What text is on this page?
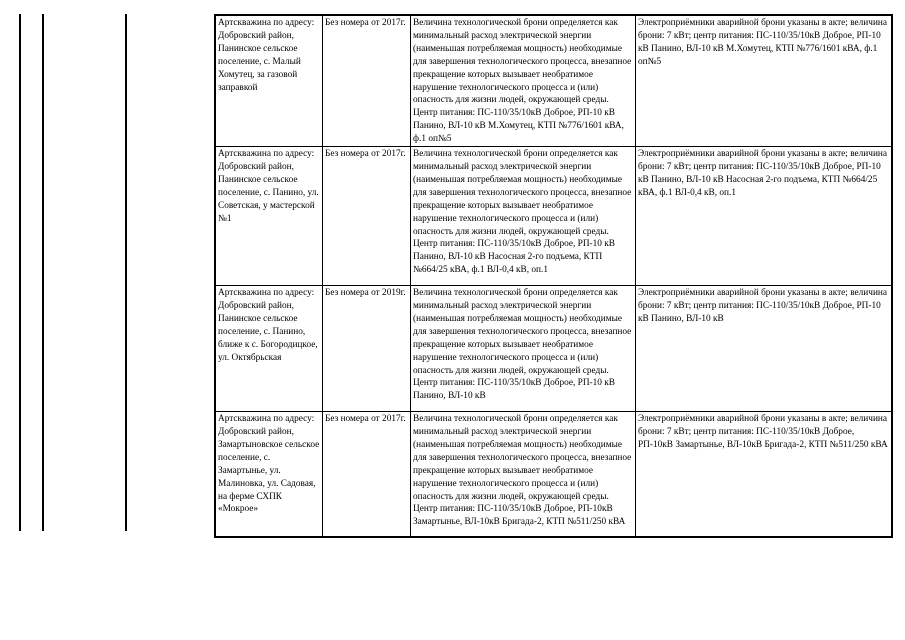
Артскважина по адресу: Добровский район, Панинское сельское поселение, с. Малый Хомутец, за газовой заправкой	Без номера от 2017г.	Величина технологической брони определяется как минимальный расход электрической энергии (наименьшая потребляемая мощность) необходимые для завершения технологического процесса, внезапное прекращение которых вызывает необратимое нарушение технологического процесса и (или) опасность для жизни людей, окружающей среды. Центр питания: ПС-110/35/10кВ Доброе, РП-10 кВ Панино, ВЛ-10 кВ М.Хомутец, КТП №776/1601 кВА, ф.1 оп№5	Электроприёмники аварийной брони указаны в акте; величина брони: 7 кВт; центр питания: ПС-110/35/10кВ Доброе, РП-10 кВ Панино, ВЛ-10 кВ М.Хомутец, КТП №776/1601 кВА, ф.1 оп№5
Артскважина по адресу: Добровский район, Панинское сельское поселение, с. Панино, ул. Советская, у мастерской №1	Без номера от 2017г.	Величина технологической брони определяется как минимальный расход электрической энергии (наименьшая потребляемая мощность) необходимые для завершения технологического процесса, внезапное прекращение которых вызывает необратимое нарушение технологического процесса и (или) опасность для жизни людей, окружающей среды. Центр питания: ПС-110/35/10кВ Доброе, РП-10 кВ Панино, ВЛ-10 кВ Насосная 2-го подъема, КТП №664/25 кВА, ф.1 ВЛ-0,4 кВ, оп.1	Электроприёмники аварийной брони указаны в акте; величина брони: 7 кВт; центр питания: ПС-110/35/10кВ Доброе, РП-10 кВ Панино, ВЛ-10 кВ Насосная 2-го подъема, КТП №664/25 кВА, ф.1 ВЛ-0,4 кВ, оп.1
Артскважина по адресу: Добровский район, Панинское сельское поселение, с. Панино, ближе к с. Богородицкое, ул. Октябрьская	Без номера от 2019г.	Величина технологической брони определяется как минимальный расход электрической энергии (наименьшая потребляемая мощность) необходимые для завершения технологического процесса, внезапное прекращение которых вызывает необратимое нарушение технологического процесса и (или) опасность для жизни людей, окружающей среды. Центр питания: ПС-110/35/10кВ Доброе, РП-10 кВ Панино, ВЛ-10 кВ	Электроприёмники аварийной брони указаны в акте; величина брони: 7 кВт; центр питания: ПС-110/35/10кВ Доброе, РП-10 кВ Панино, ВЛ-10 кВ
Артскважина по адресу: Добровский район, Замартыновское сельское поселение, с. Замартынье, ул. Малиновка, ул. Садовая, на ферме СХПК «Мокрое»	Без номера от 2017г.	Величина технологической брони определяется как минимальный расход электрической энергии (наименьшая потребляемая мощность) необходимые для завершения технологического процесса, внезапное прекращение которых вызывает необратимое нарушение технологического процесса и (или) опасность для жизни людей, окружающей среды. Центр питания: ПС-110/35/10кВ Доброе, РП-10кВ Замартынье, ВЛ-10кВ Бригада-2, КТП №511/250 кВА	Электроприёмники аварийной брони указаны в акте; величина брони: 7 кВт; центр питания: ПС-110/35/10кВ Доброе, РП-10кВ Замартынье, ВЛ-10кВ Бригада-2, КТП №511/250 кВА
